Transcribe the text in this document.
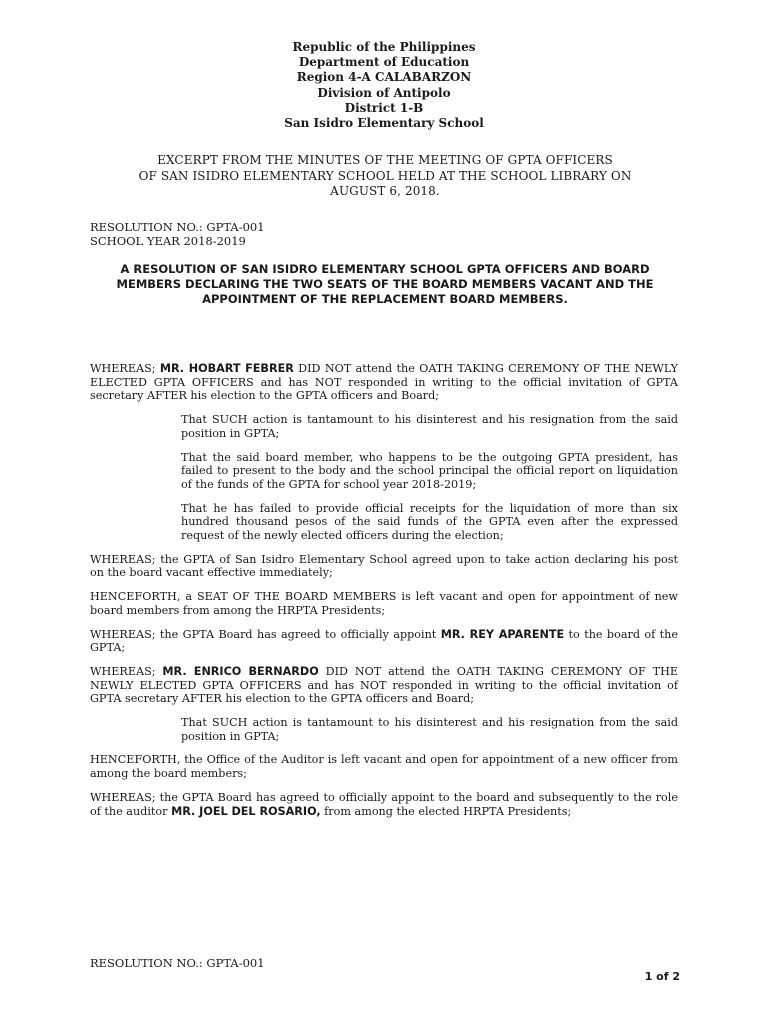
Republic of the Philippines
Department of Education
Region 4-A CALABARZON
Division of Antipolo
District 1-B
San Isidro Elementary School
EXCERPT FROM THE MINUTES OF THE MEETING OF GPTA OFFICERS
OF SAN ISIDRO ELEMENTARY SCHOOL HELD AT THE SCHOOL LIBRARY ON
AUGUST 6, 2018.
RESOLUTION NO.: GPTA-001
SCHOOL YEAR 2018-2019
A RESOLUTION OF SAN ISIDRO ELEMENTARY SCHOOL GPTA OFFICERS AND BOARD MEMBERS DECLARING THE TWO SEATS OF THE BOARD MEMBERS VACANT AND THE APPOINTMENT OF THE REPLACEMENT BOARD MEMBERS.

WHEREAS; MR. HOBART FEBRER DID NOT attend the OATH TAKING CEREMONY OF THE NEWLY ELECTED GPTA OFFICERS and has NOT responded in writing to the official invitation of GPTA secretary AFTER his election to the GPTA officers and Board;

That SUCH action is tantamount to his disinterest and his resignation from the said position in GPTA;

That the said board member, who happens to be the outgoing GPTA president, has failed to present to the body and the school principal the official report on liquidation of the funds of the GPTA for school year 2018-2019;

That he has failed to provide official receipts for the liquidation of more than six hundred thousand pesos of the said funds of the GPTA even after the expressed request of the newly elected officers during the election;

WHEREAS; the GPTA of San Isidro Elementary School agreed upon to take action declaring his post on the board vacant effective immediately;

HENCEFORTH, a SEAT OF THE BOARD MEMBERS is left vacant and open for appointment of new board members from among the HRPTA Presidents;

WHEREAS; the GPTA Board has agreed to officially appoint MR. REY APARENTE to the board of the GPTA;

WHEREAS; MR. ENRICO BERNARDO DID NOT attend the OATH TAKING CEREMONY OF THE NEWLY ELECTED GPTA OFFICERS and has NOT responded in writing to the official invitation of GPTA secretary AFTER his election to the GPTA officers and Board;

That SUCH action is tantamount to his disinterest and his resignation from the said position in GPTA;

HENCEFORTH, the Office of the Auditor is left vacant and open for appointment of a new officer from among the board members;

WHEREAS; the GPTA Board has agreed to officially appoint to the board and subsequently to the role of the auditor MR. JOEL DEL ROSARIO, from among the elected HRPTA Presidents;

RESOLUTION NO.: GPTA-001
1 of 2
